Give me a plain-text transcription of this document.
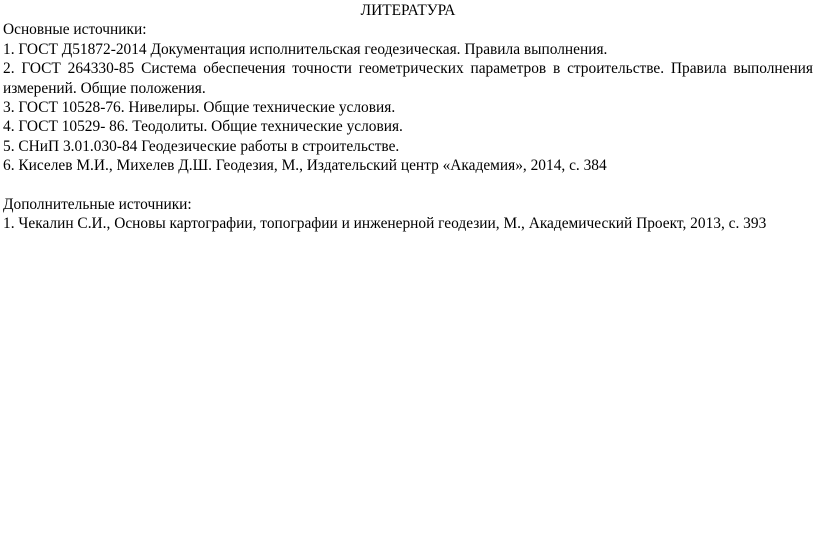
ЛИТЕРАТУРА

Основные источники:

1. ГОСТ Д51872-2014 Документация исполнительская геодезическая. Правила выполнения.
2. ГОСТ 264330-85 Система обеспечения точности геометрических параметров в строительстве. Правила выполнения измерений. Общие положения.
3. ГОСТ 10528-76. Нивелиры. Общие технические условия.
4. ГОСТ 10529- 86. Теодолиты. Общие технические условия.
5. СНиП 3.01.030-84 Геодезические работы в строительстве.
6. Киселев М.И., Михелев Д.Ш. Геодезия, М., Издательский центр «Академия», 2014, с. 384

Дополнительные источники:

1. Чекалин С.И., Основы картографии, топографии и инженерной геодезии, М., Академический Проект, 2013, с. 393
